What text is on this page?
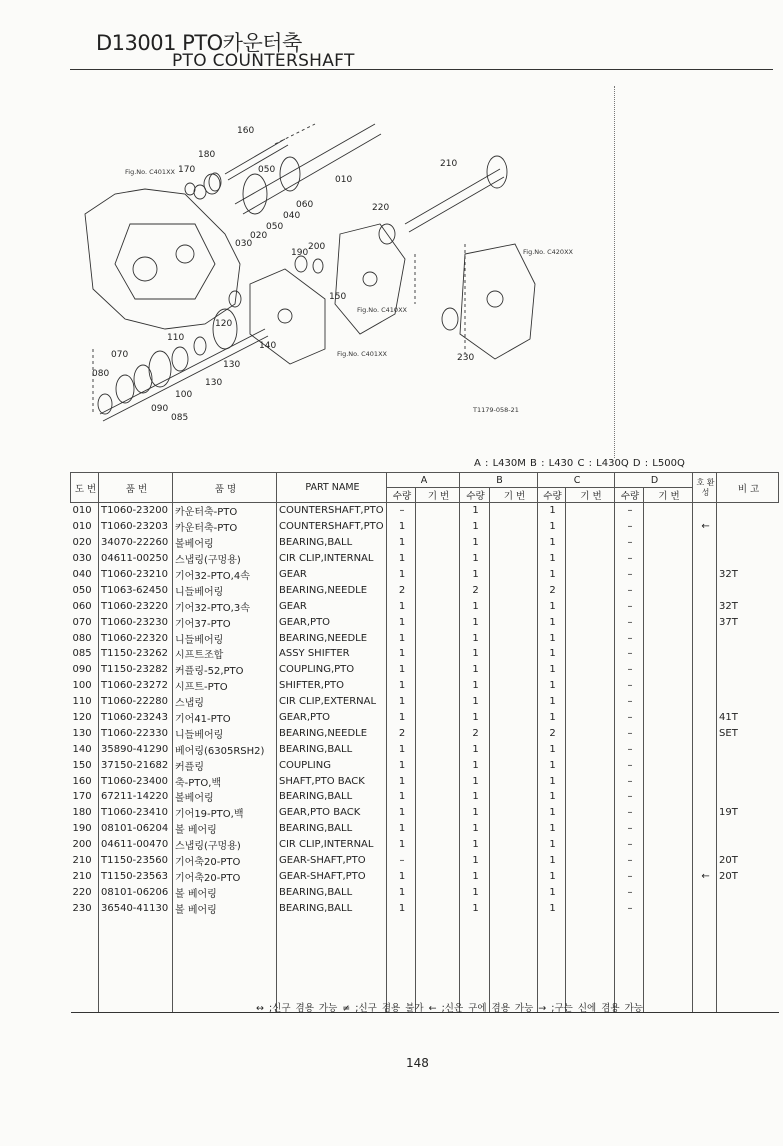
D13001 PTO카운터축
PTO COUNTERSHAFT
160
180
170	050
010
060
040
050
020
030
210
220
200
190
150
120
110
140
130
070
080
090
100
085
230
130
Fig.No. C401XX
Fig.No. C420XX
Fig.No. C410XX
Fig.No. C401XX
T1179-058-21
A : L430M B : L430 C : L430Q D : L500Q
도 번	품 번	품 명	PART NAME	A		B		C		D		호 환 성	비 고
				수량	기 번	수량	기 번	수량	기 번	수량	기 번		
010	T1060-23200	카운터축-PTO	COUNTERSHAFT,PTO	–		1		1		–			
010	T1060-23203	카운터축-PTO	COUNTERSHAFT,PTO	1		1		1		–		←	
020	34070-22260	볼베어링	BEARING,BALL	1		1		1		–			
030	04611-00250	스냅링(구멍용)	CIR CLIP,INTERNAL	1		1		1		–			
040	T1060-23210	기어32-PTO,4속	GEAR	1		1		1		–			32T
050	T1063-62450	니들베어링	BEARING,NEEDLE	2		2		2		–			
060	T1060-23220	기어32-PTO,3속	GEAR	1		1		1		–			32T
070	T1060-23230	기어37-PTO	GEAR,PTO	1		1		1		–			37T
080	T1060-22320	니들베어링	BEARING,NEEDLE	1		1		1		–			
085	T1150-23262	시프트조합	ASSY SHIFTER	1		1		1		–			
090	T1150-23282	커플링-52,PTO	COUPLING,PTO	1		1		1		–			
100	T1060-23272	시프트-PTO	SHIFTER,PTO	1		1		1		–			
110	T1060-22280	스냅링	CIR CLIP,EXTERNAL	1		1		1		–			
120	T1060-23243	기어41-PTO	GEAR,PTO	1		1		1		–			41T
130	T1060-22330	니들베어링	BEARING,NEEDLE	2		2		2		–			SET
140	35890-41290	베어링(6305RSH2)	BEARING,BALL	1		1		1		–			
150	37150-21682	커플링	COUPLING	1		1		1		–			
160	T1060-23400	축-PTO,백	SHAFT,PTO BACK	1		1		1		–			
170	67211-14220	볼베어링	BEARING,BALL	1		1		1		–			
180	T1060-23410	기어19-PTO,백	GEAR,PTO BACK	1		1		1		–			19T
190	08101-06204	볼 베어링	BEARING,BALL	1		1		1		–			
200	04611-00470	스냅링(구멍용)	CIR CLIP,INTERNAL	1		1		1		–			
210	T1150-23560	기어축20-PTO	GEAR-SHAFT,PTO	–		1		1		–			20T
210	T1150-23563	기어축20-PTO	GEAR-SHAFT,PTO	1		1		1		–		←	20T
220	08101-06206	볼 베어링	BEARING,BALL	1		1		1		–			
230	36540-41130	볼 베어링	BEARING,BALL	1		1		1		–			

↔ ;신구 겸용 가능 ≠ ;신구 겸용 불가 ← ;신은 구에 겸용 가능 → ;구는 신에 겸용 가능
148
